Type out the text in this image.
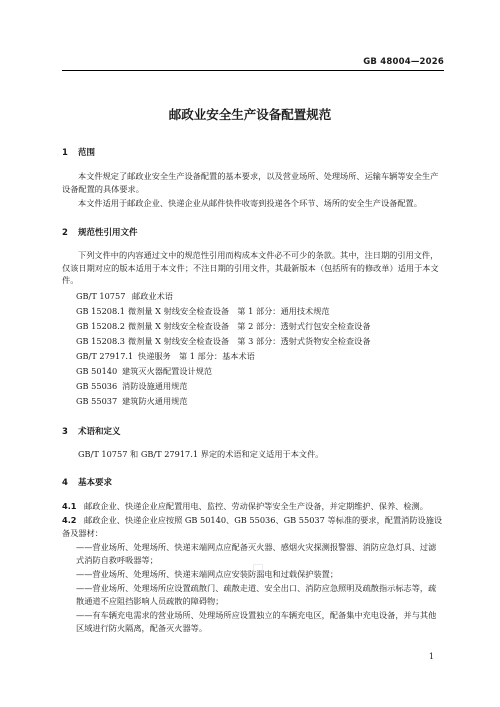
GB 48004—2026
邮政业安全生产设备配置规范
1 范围
本文件规定了邮政业安全生产设备配置的基本要求，以及营业场所、处理场所、运输车辆等安全生产设备配置的具体要求。
本文件适用于邮政企业、快递企业从邮件快件收寄到投递各个环节、场所的安全生产设备配置。
2 规范性引用文件
下列文件中的内容通过文中的规范性引用而构成本文件必不可少的条款。其中，注日期的引用文件，仅该日期对应的版本适用于本文件；不注日期的引用文件，其最新版本（包括所有的修改单）适用于本文件。
GB/T 10757 邮政业术语
GB 15208.1 微剂量 X 射线安全检查设备　第 1 部分：通用技术规范
GB 15208.2 微剂量 X 射线安全检查设备　第 2 部分：透射式行包安全检查设备
GB 15208.3 微剂量 X 射线安全检查设备　第 3 部分：透射式货物安全检查设备
GB/T 27917.1 快递服务　第 1 部分：基本术语
GB 50140 建筑灭火器配置设计规范
GB 55036 消防设施通用规范
GB 55037 建筑防火通用规范
3 术语和定义
GB/T 10757 和 GB/T 27917.1 界定的术语和定义适用于本文件。
4 基本要求
4.1 邮政企业、快递企业应配置用电、监控、劳动保护等安全生产设备，并定期维护、保养、检测。
4.2 邮政企业、快递企业应按照 GB 50140、GB 55036、GB 55037 等标准的要求，配置消防设施设备及器材：
——营业场所、处理场所、快递末端网点应配备灭火器、感烟火灾探测报警器、消防应急灯具、过滤式消防自救呼吸器等；
——营业场所、处理场所、快递末端网点应安装防漏电和过载保护装置；
——营业场所、处理场所应设置疏散门、疏散走道、安全出口、消防应急照明及疏散指示标志等，疏散通道不应阻挡影响人员疏散的障碍物；
——有车辆充电需求的营业场所、处理场所应设置独立的车辆充电区，配备集中充电设备，并与其他区域进行防火隔离，配备灭火器等。
1
